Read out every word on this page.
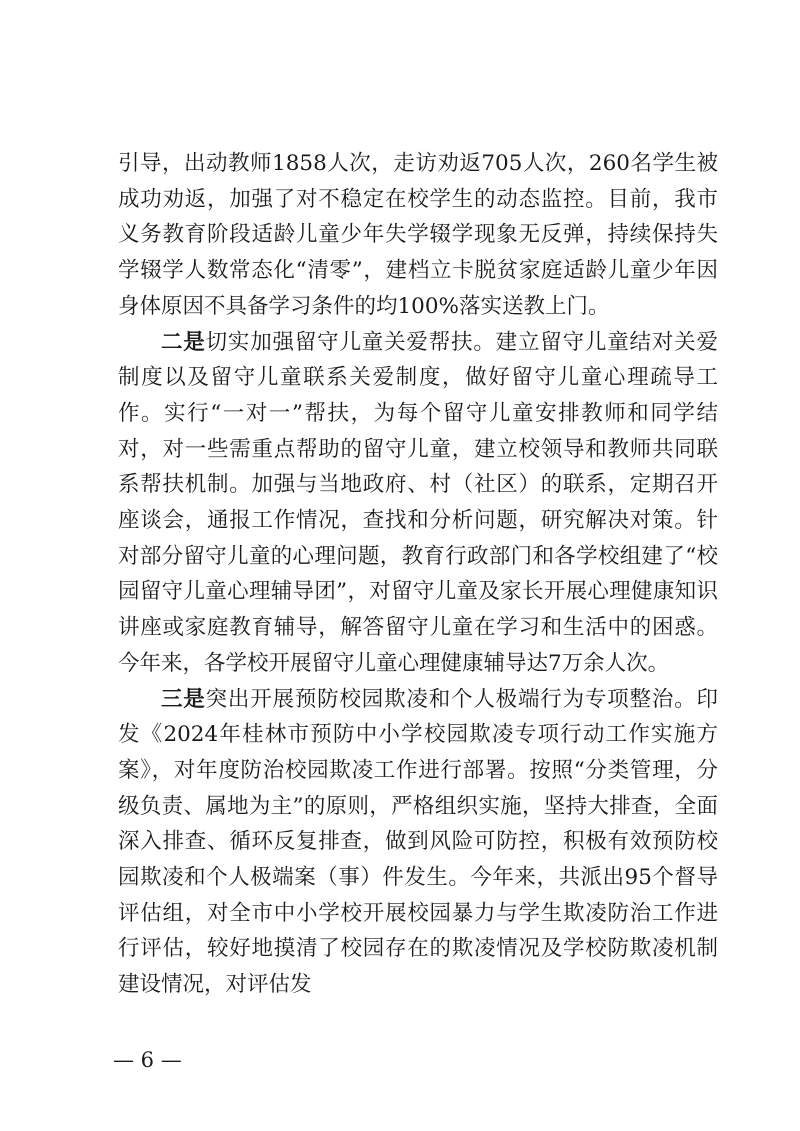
引导，出动教师1858人次，走访劝返705人次，260名学生被成功劝返，加强了对不稳定在校学生的动态监控。目前，我市义务教育阶段适龄儿童少年失学辍学现象无反弹，持续保持失学辍学人数常态化“清零”，建档立卡脱贫家庭适龄儿童少年因身体原因不具备学习条件的均100%落实送教上门。

二是切实加强留守儿童关爱帮扶。建立留守儿童结对关爱制度以及留守儿童联系关爱制度，做好留守儿童心理疏导工作。实行“一对一”帮扶，为每个留守儿童安排教师和同学结对，对一些需重点帮助的留守儿童，建立校领导和教师共同联系帮扶机制。加强与当地政府、村（社区）的联系，定期召开座谈会，通报工作情况，查找和分析问题，研究解决对策。针对部分留守儿童的心理问题，教育行政部门和各学校组建了“校园留守儿童心理辅导团”，对留守儿童及家长开展心理健康知识讲座或家庭教育辅导，解答留守儿童在学习和生活中的困惑。今年来，各学校开展留守儿童心理健康辅导达7万余人次。

三是突出开展预防校园欺凌和个人极端行为专项整治。印发《2024年桂林市预防中小学校园欺凌专项行动工作实施方案》，对年度防治校园欺凌工作进行部署。按照“分类管理，分级负责、属地为主”的原则，严格组织实施，坚持大排查，全面深入排查、循环反复排查，做到风险可防控，积极有效预防校园欺凌和个人极端案（事）件发生。今年来，共派出95个督导评估组，对全市中小学校开展校园暴力与学生欺凌防治工作进行评估，较好地摸清了校园存在的欺凌情况及学校防欺凌机制建设情况，对评估发

— 6 —
